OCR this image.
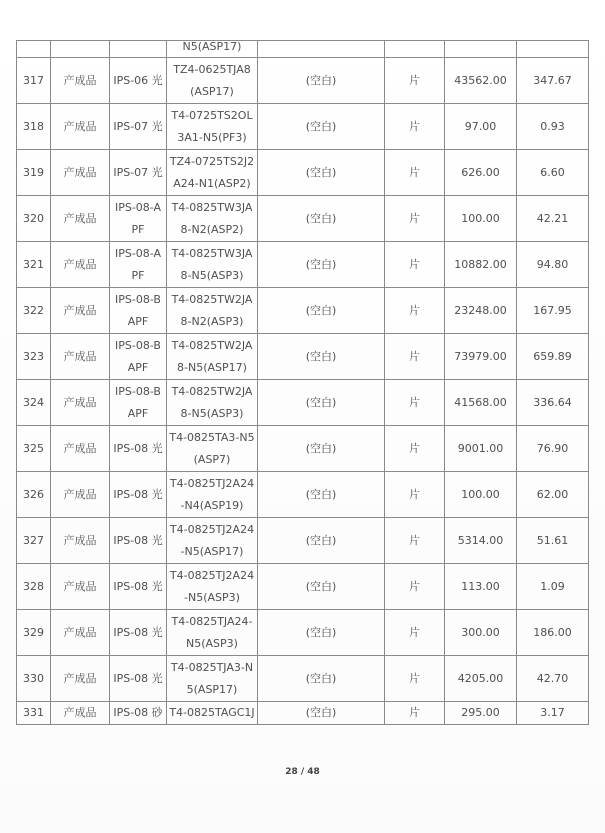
			N5(ASP17)				
317	产成品	IPS-06 光	TZ4-0625TJA8(ASP17)	(空白)	片	43562.00	347.67
318	产成品	IPS-07 光	T4-0725TS2OL3A1-N5(PF3)	(空白)	片	97.00	0.93
319	产成品	IPS-07 光	TZ4-0725TS2J2A24-N1(ASP2)	(空白)	片	626.00	6.60
320	产成品	IPS-08-APF	T4-0825TW3JA8-N2(ASP2)	(空白)	片	100.00	42.21
321	产成品	IPS-08-APF	T4-0825TW3JA8-N5(ASP3)	(空白)	片	10882.00	94.80
322	产成品	IPS-08-BAPF	T4-0825TW2JA8-N2(ASP3)	(空白)	片	23248.00	167.95
323	产成品	IPS-08-BAPF	T4-0825TW2JA8-N5(ASP17)	(空白)	片	73979.00	659.89
324	产成品	IPS-08-BAPF	T4-0825TW2JA8-N5(ASP3)	(空白)	片	41568.00	336.64
325	产成品	IPS-08 光	T4-0825TA3-N5(ASP7)	(空白)	片	9001.00	76.90
326	产成品	IPS-08 光	T4-0825TJ2A24-N4(ASP19)	(空白)	片	100.00	62.00
327	产成品	IPS-08 光	T4-0825TJ2A24-N5(ASP17)	(空白)	片	5314.00	51.61
328	产成品	IPS-08 光	T4-0825TJ2A24-N5(ASP3)	(空白)	片	113.00	1.09
329	产成品	IPS-08 光	T4-0825TJA24-N5(ASP3)	(空白)	片	300.00	186.00
330	产成品	IPS-08 光	T4-0825TJA3-N5(ASP17)	(空白)	片	4205.00	42.70
331	产成品	IPS-08 砂	T4-0825TAGC1J	(空白)	片	295.00	3.17
28 / 48
